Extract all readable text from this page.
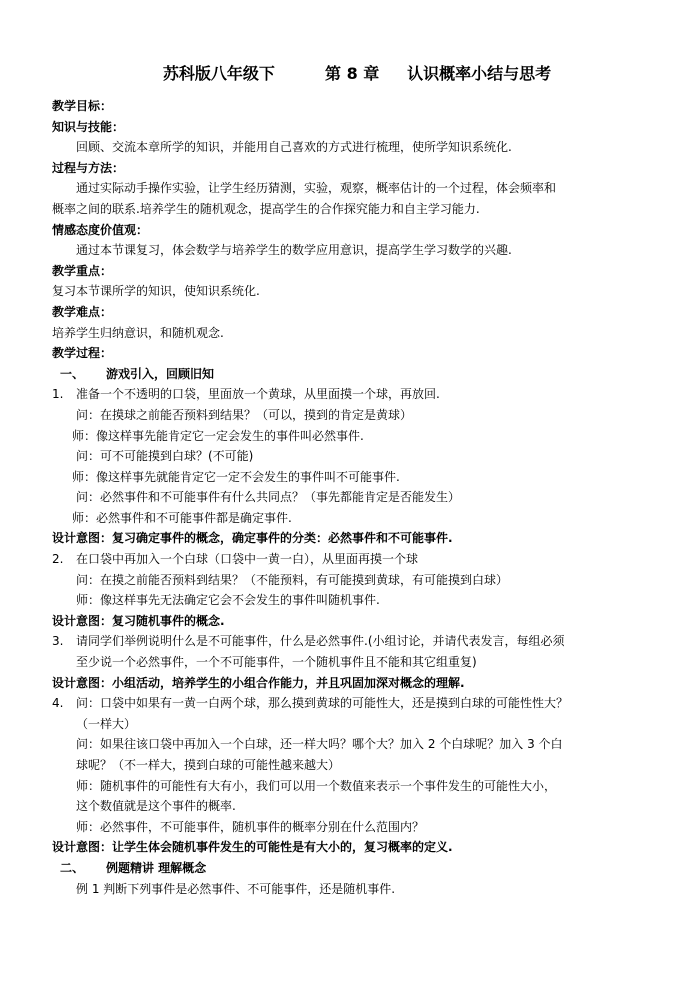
苏科版八年级下         第 8 章     认识概率小结与思考
教学目标：
知识与技能：
回顾、交流本章所学的知识，并能用自己喜欢的方式进行梳理，使所学知识系统化.
过程与方法：
通过实际动手操作实验，让学生经历猜测，实验，观察，概率估计的一个过程，体会频率和
概率之间的联系.培养学生的随机观念，提高学生的合作探究能力和自主学习能力.
情感态度价值观：
通过本节课复习，体会数学与培养学生的数学应用意识，提高学生学习数学的兴趣.
教学重点：
复习本节课所学的知识，使知识系统化.
教学难点：
培养学生归纳意识，和随机观念.
教学过程：
一、 游戏引入，回顾旧知
1. 准备一个不透明的口袋，里面放一个黄球，从里面摸一个球，再放回.
问：在摸球之前能否预料到结果？（可以，摸到的肯定是黄球）
师：像这样事先能肯定它一定会发生的事件叫必然事件.
问：可不可能摸到白球？(不可能)
师：像这样事先就能肯定它一定不会发生的事件叫不可能事件.
问：必然事件和不可能事件有什么共同点？（事先都能肯定是否能发生）
师：必然事件和不可能事件都是确定事件.
设计意图：复习确定事件的概念，确定事件的分类：必然事件和不可能事件.
2. 在口袋中再加入一个白球（口袋中一黄一白），从里面再摸一个球
问：在摸之前能否预料到结果？（不能预料，有可能摸到黄球，有可能摸到白球）
师：像这样事先无法确定它会不会发生的事件叫随机事件.
设计意图：复习随机事件的概念.
3. 请同学们举例说明什么是不可能事件，什么是必然事件.(小组讨论，并请代表发言，每组必须
至少说一个必然事件，一个不可能事件，一个随机事件且不能和其它组重复)
设计意图：小组活动，培养学生的小组合作能力，并且巩固加深对概念的理解.
4. 问：口袋中如果有一黄一白两个球，那么摸到黄球的可能性大，还是摸到白球的可能性性大？
（一样大）
问：如果往该口袋中再加入一个白球，还一样大吗？哪个大？加入 2 个白球呢？加入 3 个白
球呢？（不一样大，摸到白球的可能性越来越大）
师：随机事件的可能性有大有小，我们可以用一个数值来表示一个事件发生的可能性大小，
这个数值就是这个事件的概率.
师：必然事件，不可能事件，随机事件的概率分别在什么范围内？
设计意图：让学生体会随机事件发生的可能性是有大小的，复习概率的定义.
二、 例题精讲 理解概念
例 1 判断下列事件是必然事件、不可能事件，还是随机事件.
